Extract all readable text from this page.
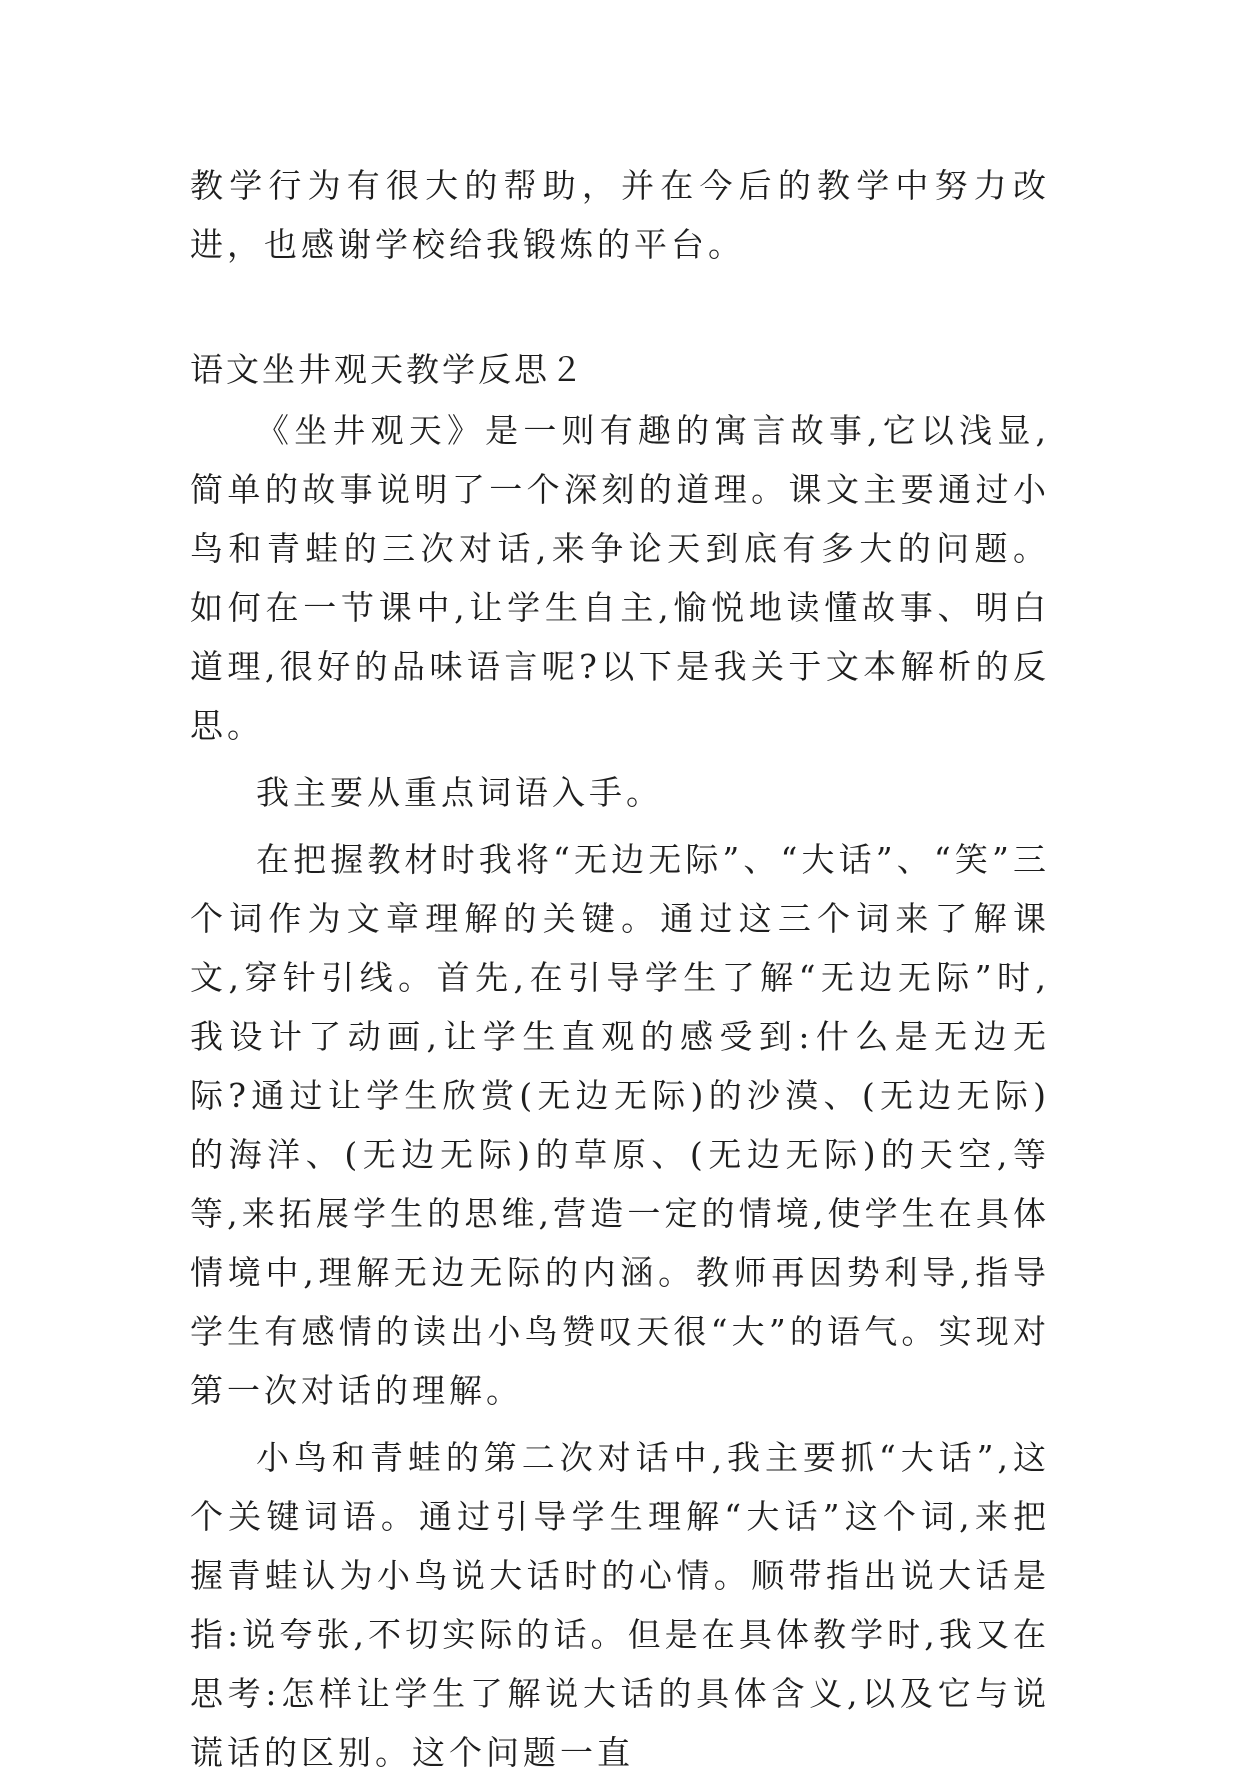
教学行为有很大的帮助，并在今后的教学中努力改进，也感谢学校给我锻炼的平台。

语文坐井观天教学反思２

《坐井观天》是一则有趣的寓言故事,它以浅显,简单的故事说明了一个深刻的道理。课文主要通过小鸟和青蛙的三次对话,来争论天到底有多大的问题。如何在一节课中,让学生自主,愉悦地读懂故事、明白道理,很好的品味语言呢?以下是我关于文本解析的反思。

我主要从重点词语入手。

在把握教材时我将“无边无际”、“大话”、“笑”三个词作为文章理解的关键。通过这三个词来了解课文,穿针引线。首先,在引导学生了解“无边无际”时,我设计了动画,让学生直观的感受到:什么是无边无际?通过让学生欣赏(无边无际)的沙漠、(无边无际)的海洋、(无边无际)的草原、(无边无际)的天空,等等,来拓展学生的思维,营造一定的情境,使学生在具体情境中,理解无边无际的内涵。教师再因势利导,指导学生有感情的读出小鸟赞叹天很“大”的语气。实现对第一次对话的理解。

小鸟和青蛙的第二次对话中,我主要抓“大话”,这个关键词语。通过引导学生理解“大话”这个词,来把握青蛙认为小鸟说大话时的心情。顺带指出说大话是指:说夸张,不切实际的话。但是在具体教学时,我又在思考:怎样让学生了解说大话的具体含义,以及它与说谎话的区别。这个问题一直
